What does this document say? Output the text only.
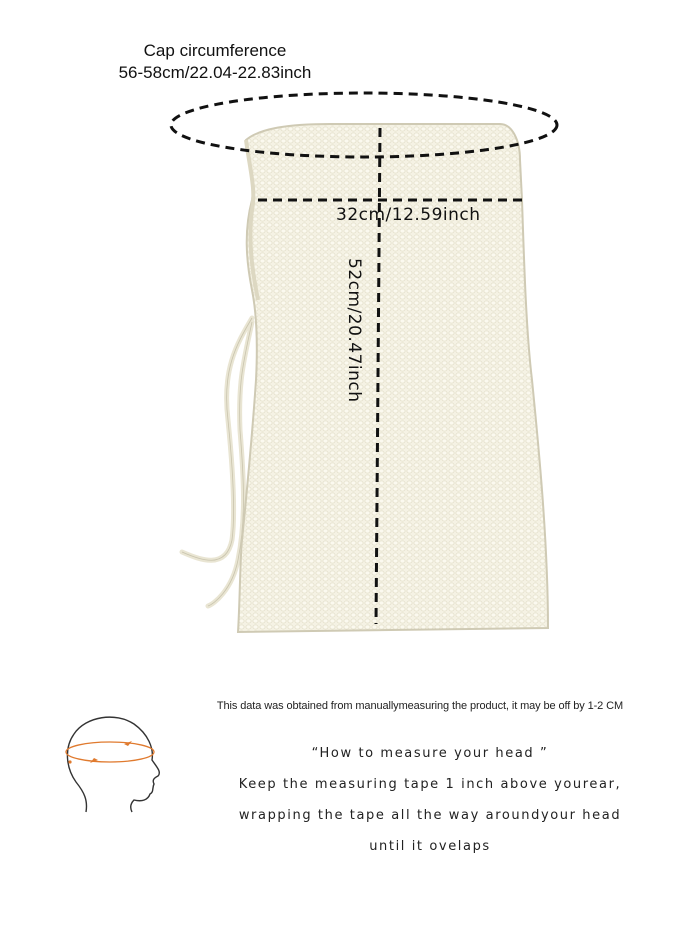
Cap circumference
56-58cm/22.04-22.83inch
32cm/12.59inch
52cm/20.47inch
This data was obtained from manuallymeasuring the product, it may be off by 1-2 CM
“How to measure your head ”
Keep the measuring tape 1 inch above yourear,
wrapping the tape all the way aroundyour head
until it ovelaps
